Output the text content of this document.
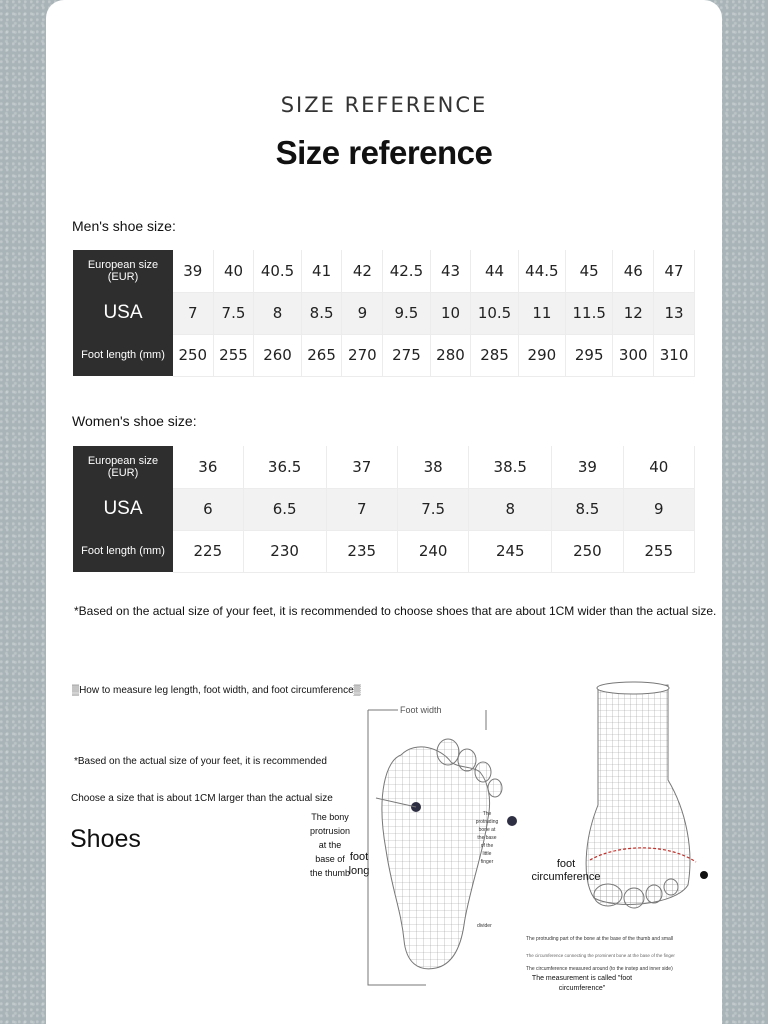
SIZE REFERENCE
Size reference
Men's shoe size:
European size (EUR)	39	40	40.5	41	42	42.5	43	44	44.5	45	46	47
USA	7	7.5	8	8.5	9	9.5	10	10.5	11	11.5	12	13
Foot length (mm)	250	255	260	265	270	275	280	285	290	295	300	310
Women's shoe size:
European size (EUR)	36	36.5	37	38	38.5	39	40
USA	6	6.5	7	7.5	8	8.5	9
Foot length (mm)	225	230	235	240	245	250	255
*Based on the actual size of your feet, it is recommended to choose shoes that are about 1CM wider than the actual size.
▒How to measure leg length, foot width, and foot circumference▒
*Based on the actual size of your feet, it is recommended
Choose a size that is about 1CM larger than the actual size
Shoes
Foot width
The bony
protrusion
at the
base of
the thumb
foot
long
The
protruding
bone at
the base
of the
little
finger
divider
foot
circumference
The protruding part of the bone at the base of the thumb and small
The circumference connecting the prominent bone at the base of the finger
The circumference measured around (to the instep and inner side)
The measurement is called "foot
circumference"
